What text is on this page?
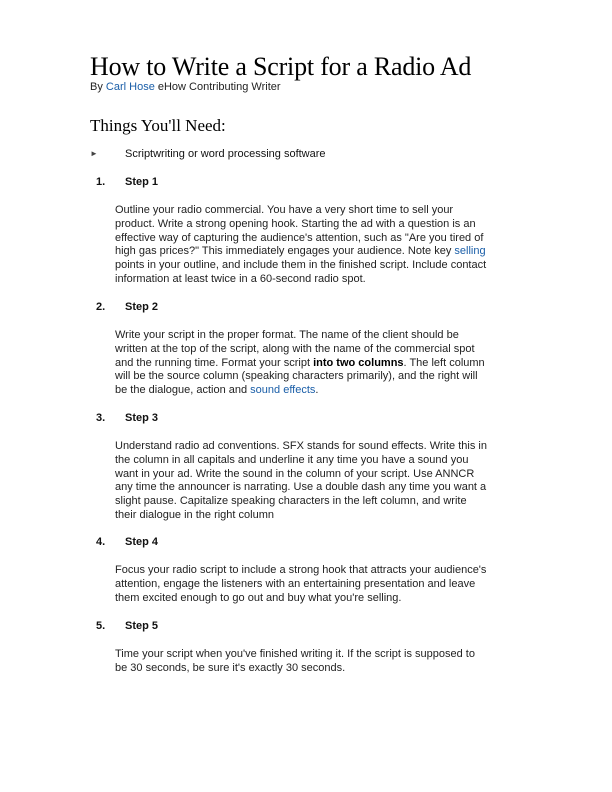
How to Write a Script for a Radio Ad
By Carl Hose eHow Contributing Writer
Things You'll Need:
► Scriptwriting or word processing software
1. Step 1
Outline your radio commercial. You have a very short time to sell your
product. Write a strong opening hook. Starting the ad with a question is an
effective way of capturing the audience's attention, such as "Are you tired of
high gas prices?" This immediately engages your audience. Note key selling
points in your outline, and include them in the finished script. Include contact
information at least twice in a 60-second radio spot.
2. Step 2
Write your script in the proper format. The name of the client should be
written at the top of the script, along with the name of the commercial spot
and the running time. Format your script into two columns. The left column
will be the source column (speaking characters primarily), and the right will
be the dialogue, action and sound effects.
3. Step 3
Understand radio ad conventions. SFX stands for sound effects. Write this in
the column in all capitals and underline it any time you have a sound you
want in your ad. Write the sound in the column of your script. Use ANNCR
any time the announcer is narrating. Use a double dash any time you want a
slight pause. Capitalize speaking characters in the left column, and write
their dialogue in the right column
4. Step 4
Focus your radio script to include a strong hook that attracts your audience's
attention, engage the listeners with an entertaining presentation and leave
them excited enough to go out and buy what you're selling.
5. Step 5
Time your script when you've finished writing it. If the script is supposed to
be 30 seconds, be sure it's exactly 30 seconds.
